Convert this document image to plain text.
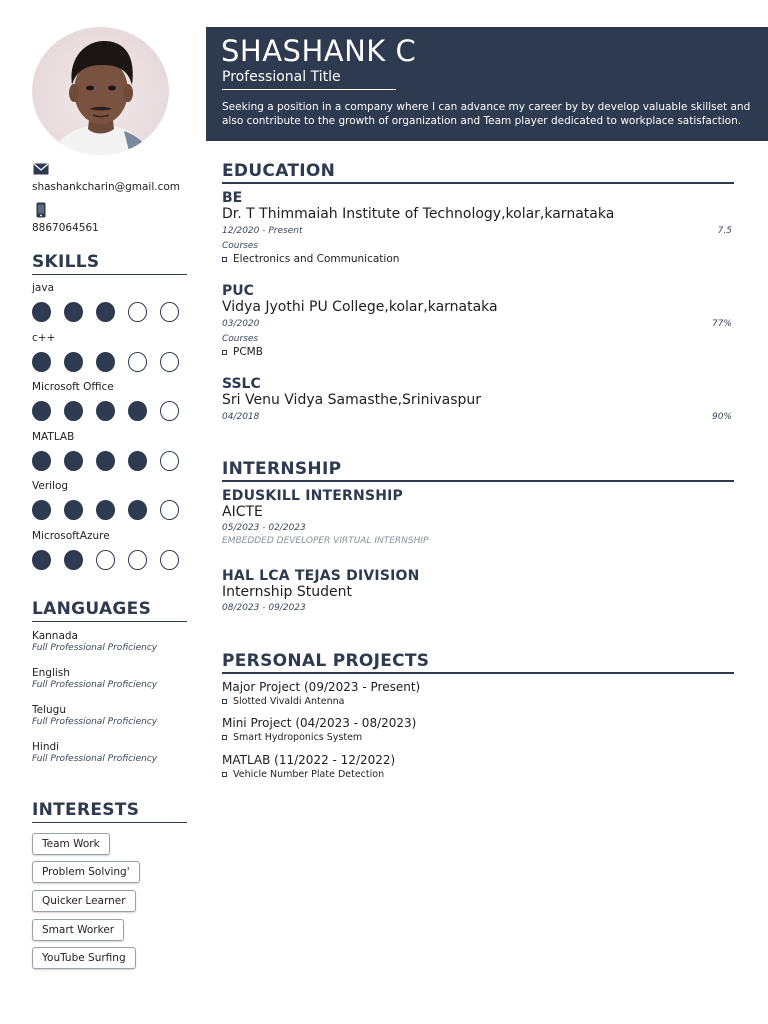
shashankcharin@gmail.com
8867064561
SKILLS
java
c++
Microsoft Office
MATLAB
Verilog
MicrosoftAzure
LANGUAGES
Kannada
Full Professional Proficiency
English
Full Professional Proficiency
Telugu
Full Professional Proficiency
Hindi
Full Professional Proficiency
INTERESTS
Team Work
Problem Solving'
Quicker Learner
Smart Worker
YouTube Surfing
SHASHANK C
Professional Title
Seeking a position in a company where I can advance my career by by develop valuable skillset and also contribute to the growth of organization and Team player dedicated to workplace satisfaction.
EDUCATION
BE
Dr. T Thimmaiah Institute of Technology,kolar,karnataka
12/2020 - Present	7.5
Courses
Electronics and Communication
PUC
Vidya Jyothi PU College,kolar,karnataka
03/2020	77%
Courses
PCMB
SSLC
Sri Venu Vidya Samasthe,Srinivaspur
04/2018	90%
INTERNSHIP
EDUSKILL INTERNSHIP
AICTE
05/2023 - 02/2023
EMBEDDED DEVELOPER VIRTUAL INTERNSHIP
HAL LCA TEJAS DIVISION
Internship Student
08/2023 - 09/2023
PERSONAL PROJECTS
Major Project (09/2023 - Present)
Slotted Vivaldi Antenna
Mini Project (04/2023 - 08/2023)
Smart Hydroponics System
MATLAB (11/2022 - 12/2022)
Vehicle Number Plate Detection
